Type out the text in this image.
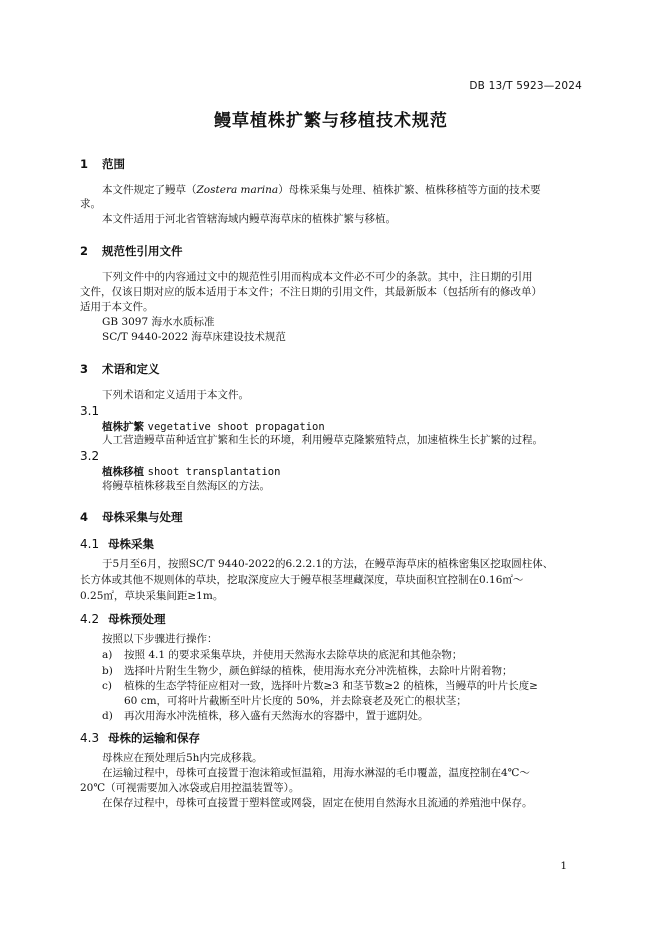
DB 13/T 5923—2024
鳗草植株扩繁与移植技术规范
1 范围
本文件规定了鳗草（Zostera marina）母株采集与处理、植株扩繁、植株移植等方面的技术要
求。
本文件适用于河北省管辖海域内鳗草海草床的植株扩繁与移植。
2 规范性引用文件
下列文件中的内容通过文中的规范性引用而构成本文件必不可少的条款。其中，注日期的引用
文件，仅该日期对应的版本适用于本文件；不注日期的引用文件，其最新版本（包括所有的修改单）
适用于本文件。
GB 3097 海水水质标准
SC/T 9440-2022 海草床建设技术规范
3 术语和定义
下列术语和定义适用于本文件。
3.1
植株扩繁 vegetative shoot propagation
人工营造鳗草苗种适宜扩繁和生长的环境，利用鳗草克隆繁殖特点，加速植株生长扩繁的过程。
3.2
植株移植 shoot transplantation
将鳗草植株移栽至自然海区的方法。
4 母株采集与处理
4.1 母株采集
于5月至6月，按照SC/T 9440-2022的6.2.2.1的方法，在鳗草海草床的植株密集区挖取圆柱体、
长方体或其他不规则体的草块，挖取深度应大于鳗草根茎埋藏深度，草块面积宜控制在0.16㎡～
0.25㎡，草块采集间距≥1m。
4.2 母株预处理
按照以下步骤进行操作：
a) 按照 4.1 的要求采集草块，并使用天然海水去除草块的底泥和其他杂物；
b) 选择叶片附生生物少，颜色鲜绿的植株，使用海水充分冲洗植株，去除叶片附着物；
c) 植株的生态学特征应相对一致，选择叶片数≥3 和茎节数≥2 的植株，当鳗草的叶片长度≥
60 cm，可将叶片截断至叶片长度的 50%，并去除衰老及死亡的根状茎；
d) 再次用海水冲洗植株，移入盛有天然海水的容器中，置于遮阴处。
4.3 母株的运输和保存
母株应在预处理后5h内完成移栽。
在运输过程中，母株可直接置于泡沫箱或恒温箱，用海水淋湿的毛巾覆盖，温度控制在4℃～
20℃（可视需要加入冰袋或启用控温装置等）。
在保存过程中，母株可直接置于塑料筐或网袋，固定在使用自然海水且流通的养殖池中保存。
1
